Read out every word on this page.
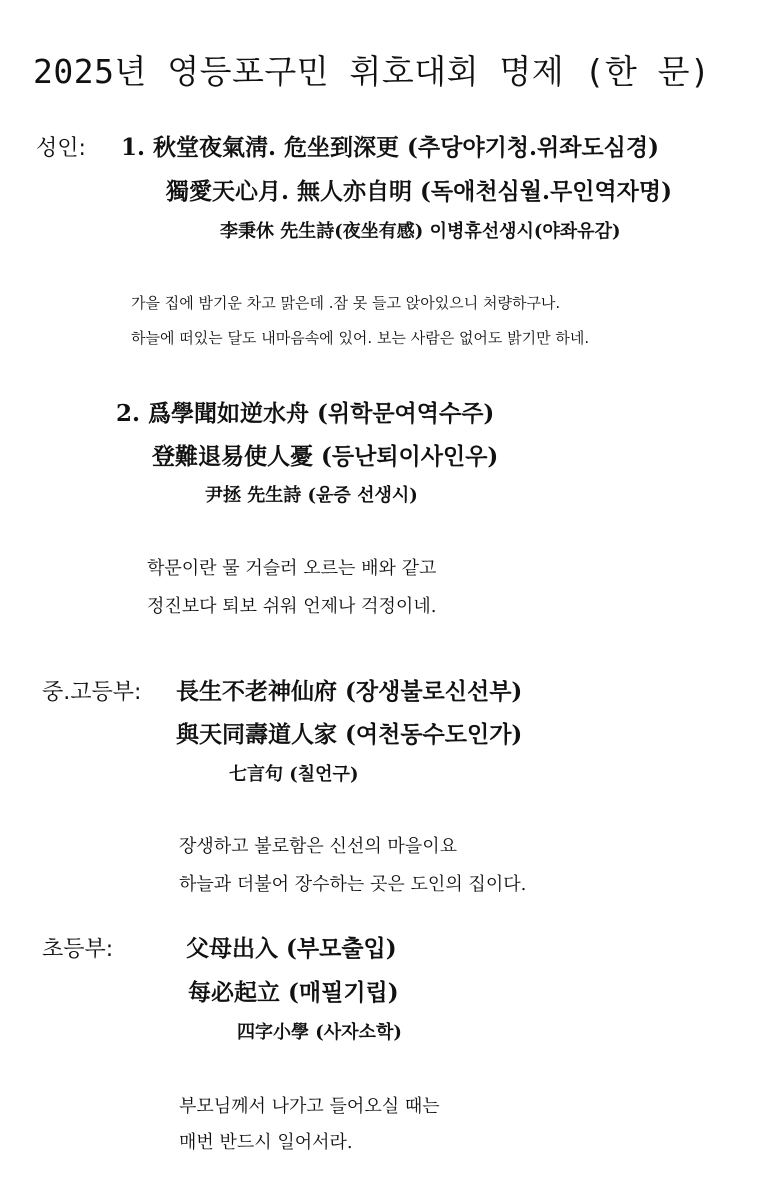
2025년 영등포구민 휘호대회 명제 (한 문)
성인: 1. 秋堂夜氣淸. 危坐到深更 (추당야기청.위좌도심경)
獨愛天心月. 無人亦自明 (독애천심월.무인역자명)
李秉休 先生詩(夜坐有感) 이병휴선생시(야좌유감)
가을 집에 밤기운 차고 맑은데 .잠 못 들고 앉아있으니 처량하구나.
하늘에 떠있는 달도 내마음속에 있어. 보는 사람은 없어도 밝기만 하네.
2. 爲學聞如逆水舟 (위학문여역수주)
登難退易使人憂 (등난퇴이사인우)
尹拯 先生詩 (윤증 선생시)
학문이란 물 거슬러 오르는 배와 같고
정진보다 퇴보 쉬워 언제나 걱정이네.
중.고등부: 長生不老神仙府 (장생불로신선부)
與天同壽道人家 (여천동수도인가)
七言句 (칠언구)
장생하고 불로함은 신선의 마을이요
하늘과 더불어 장수하는 곳은 도인의 집이다.
초등부:	父母出入 (부모출입)
每必起立 (매필기립)
四字小學 (사자소학)
부모님께서 나가고 들어오실 때는
매번 반드시 일어서라.
